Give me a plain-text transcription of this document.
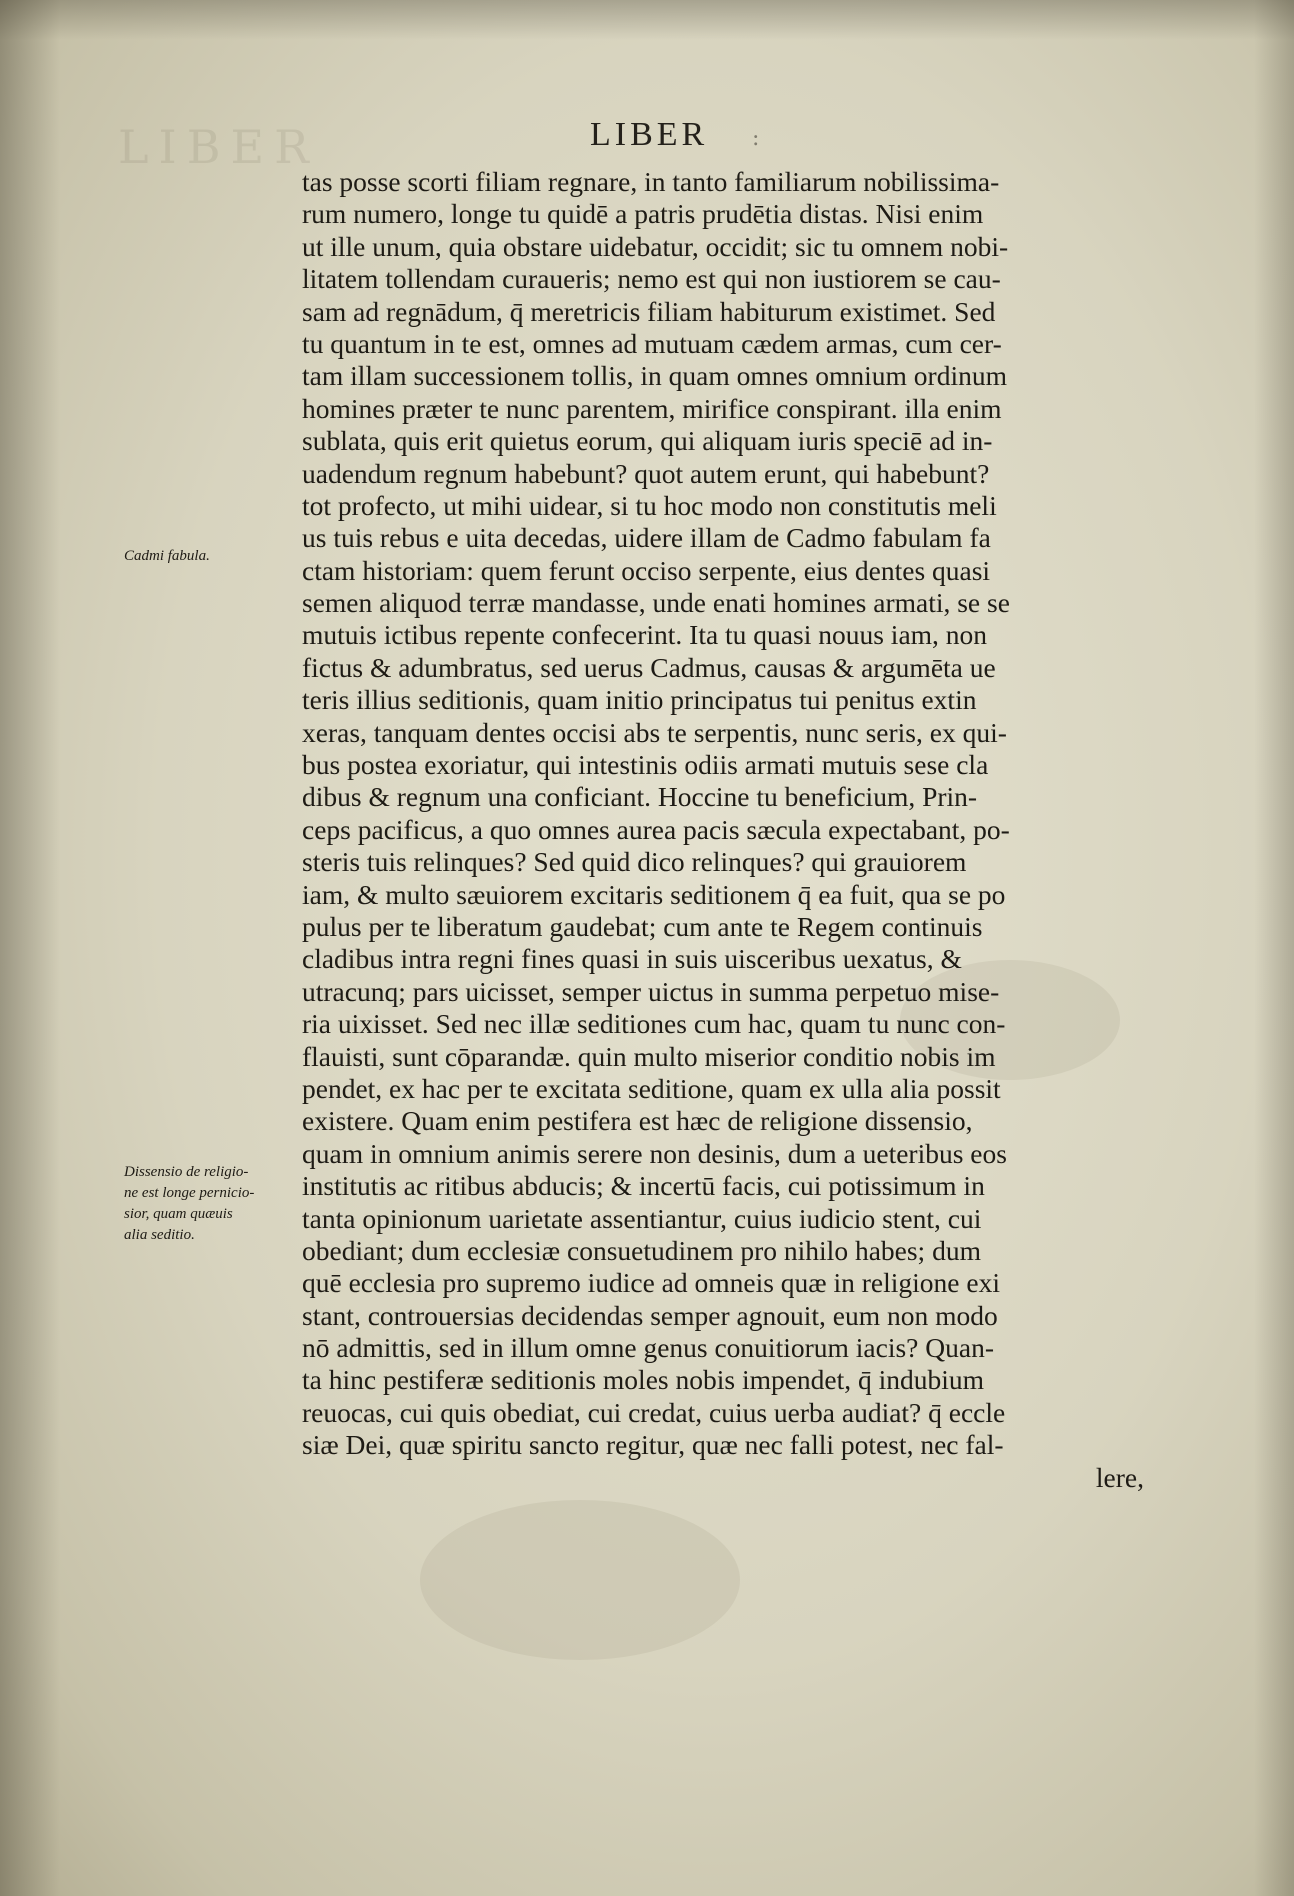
LIBER	LIBER :
Cadmi fabula.
Dissensio de religio-
ne est longe pernicio-
sior, quam quæuis
alia seditio.
tas posse scorti filiam regnare, in tanto familiarum nobilissima-
rum numero, longe tu quidē a patris prudētia distas. Nisi enim
ut ille unum, quia obstare uidebatur, occidit; sic tu omnem nobi-
litatem tollendam curaueris; nemo est qui non iustiorem se cau-
sam ad regnādum, q̄ meretricis filiam habiturum existimet. Sed
tu quantum in te est, omnes ad mutuam cædem armas, cum cer-
tam illam successionem tollis, in quam omnes omnium ordinum
homines præter te nunc parentem, mirifice conspirant. illa enim
sublata, quis erit quietus eorum, qui aliquam iuris speciē ad in-
uadendum regnum habebunt? quot autem erunt, qui habebunt?
tot profecto, ut mihi uidear, si tu hoc modo non constitutis meli
us tuis rebus e uita decedas, uidere illam de Cadmo fabulam fa
ctam historiam: quem ferunt occiso serpente, eius dentes quasi
semen aliquod terræ mandasse, unde enati homines armati, se se
mutuis ictibus repente confecerint. Ita tu quasi nouus iam, non
fictus & adumbratus, sed uerus Cadmus, causas & argumēta ue
teris illius seditionis, quam initio principatus tui penitus extin
xeras, tanquam dentes occisi abs te serpentis, nunc seris, ex qui-
bus postea exoriatur, qui intestinis odiis armati mutuis sese cla
dibus & regnum una conficiant. Hoccine tu beneficium, Prin-
ceps pacificus, a quo omnes aurea pacis sæcula expectabant, po-
steris tuis relinques? Sed quid dico relinques? qui grauiorem
iam, & multo sæuiorem excitaris seditionem q̄ ea fuit, qua se po
pulus per te liberatum gaudebat; cum ante te Regem continuis
cladibus intra regni fines quasi in suis uisceribus uexatus, &
utracunq; pars uicisset, semper uictus in summa perpetuo mise-
ria uixisset. Sed nec illæ seditiones cum hac, quam tu nunc con-
flauisti, sunt cōparandæ. quin multo miserior conditio nobis im
pendet, ex hac per te excitata seditione, quam ex ulla alia possit
existere. Quam enim pestifera est hæc de religione dissensio,
quam in omnium animis serere non desinis, dum a ueteribus eos
institutis ac ritibus abducis; & incertū facis, cui potissimum in
tanta opinionum uarietate assentiantur, cuius iudicio stent, cui
obediant; dum ecclesiæ consuetudinem pro nihilo habes; dum
quē ecclesia pro supremo iudice ad omneis quæ in religione exi
stant, controuersias decidendas semper agnouit, eum non modo
nō admittis, sed in illum omne genus conuitiorum iacis? Quan-
ta hinc pestiferæ seditionis moles nobis impendet, q̄ indubium
reuocas, cui quis obediat, cui credat, cuius uerba audiat? q̄ eccle
siæ Dei, quæ spiritu sancto regitur, quæ nec falli potest, nec fal-
lere,
